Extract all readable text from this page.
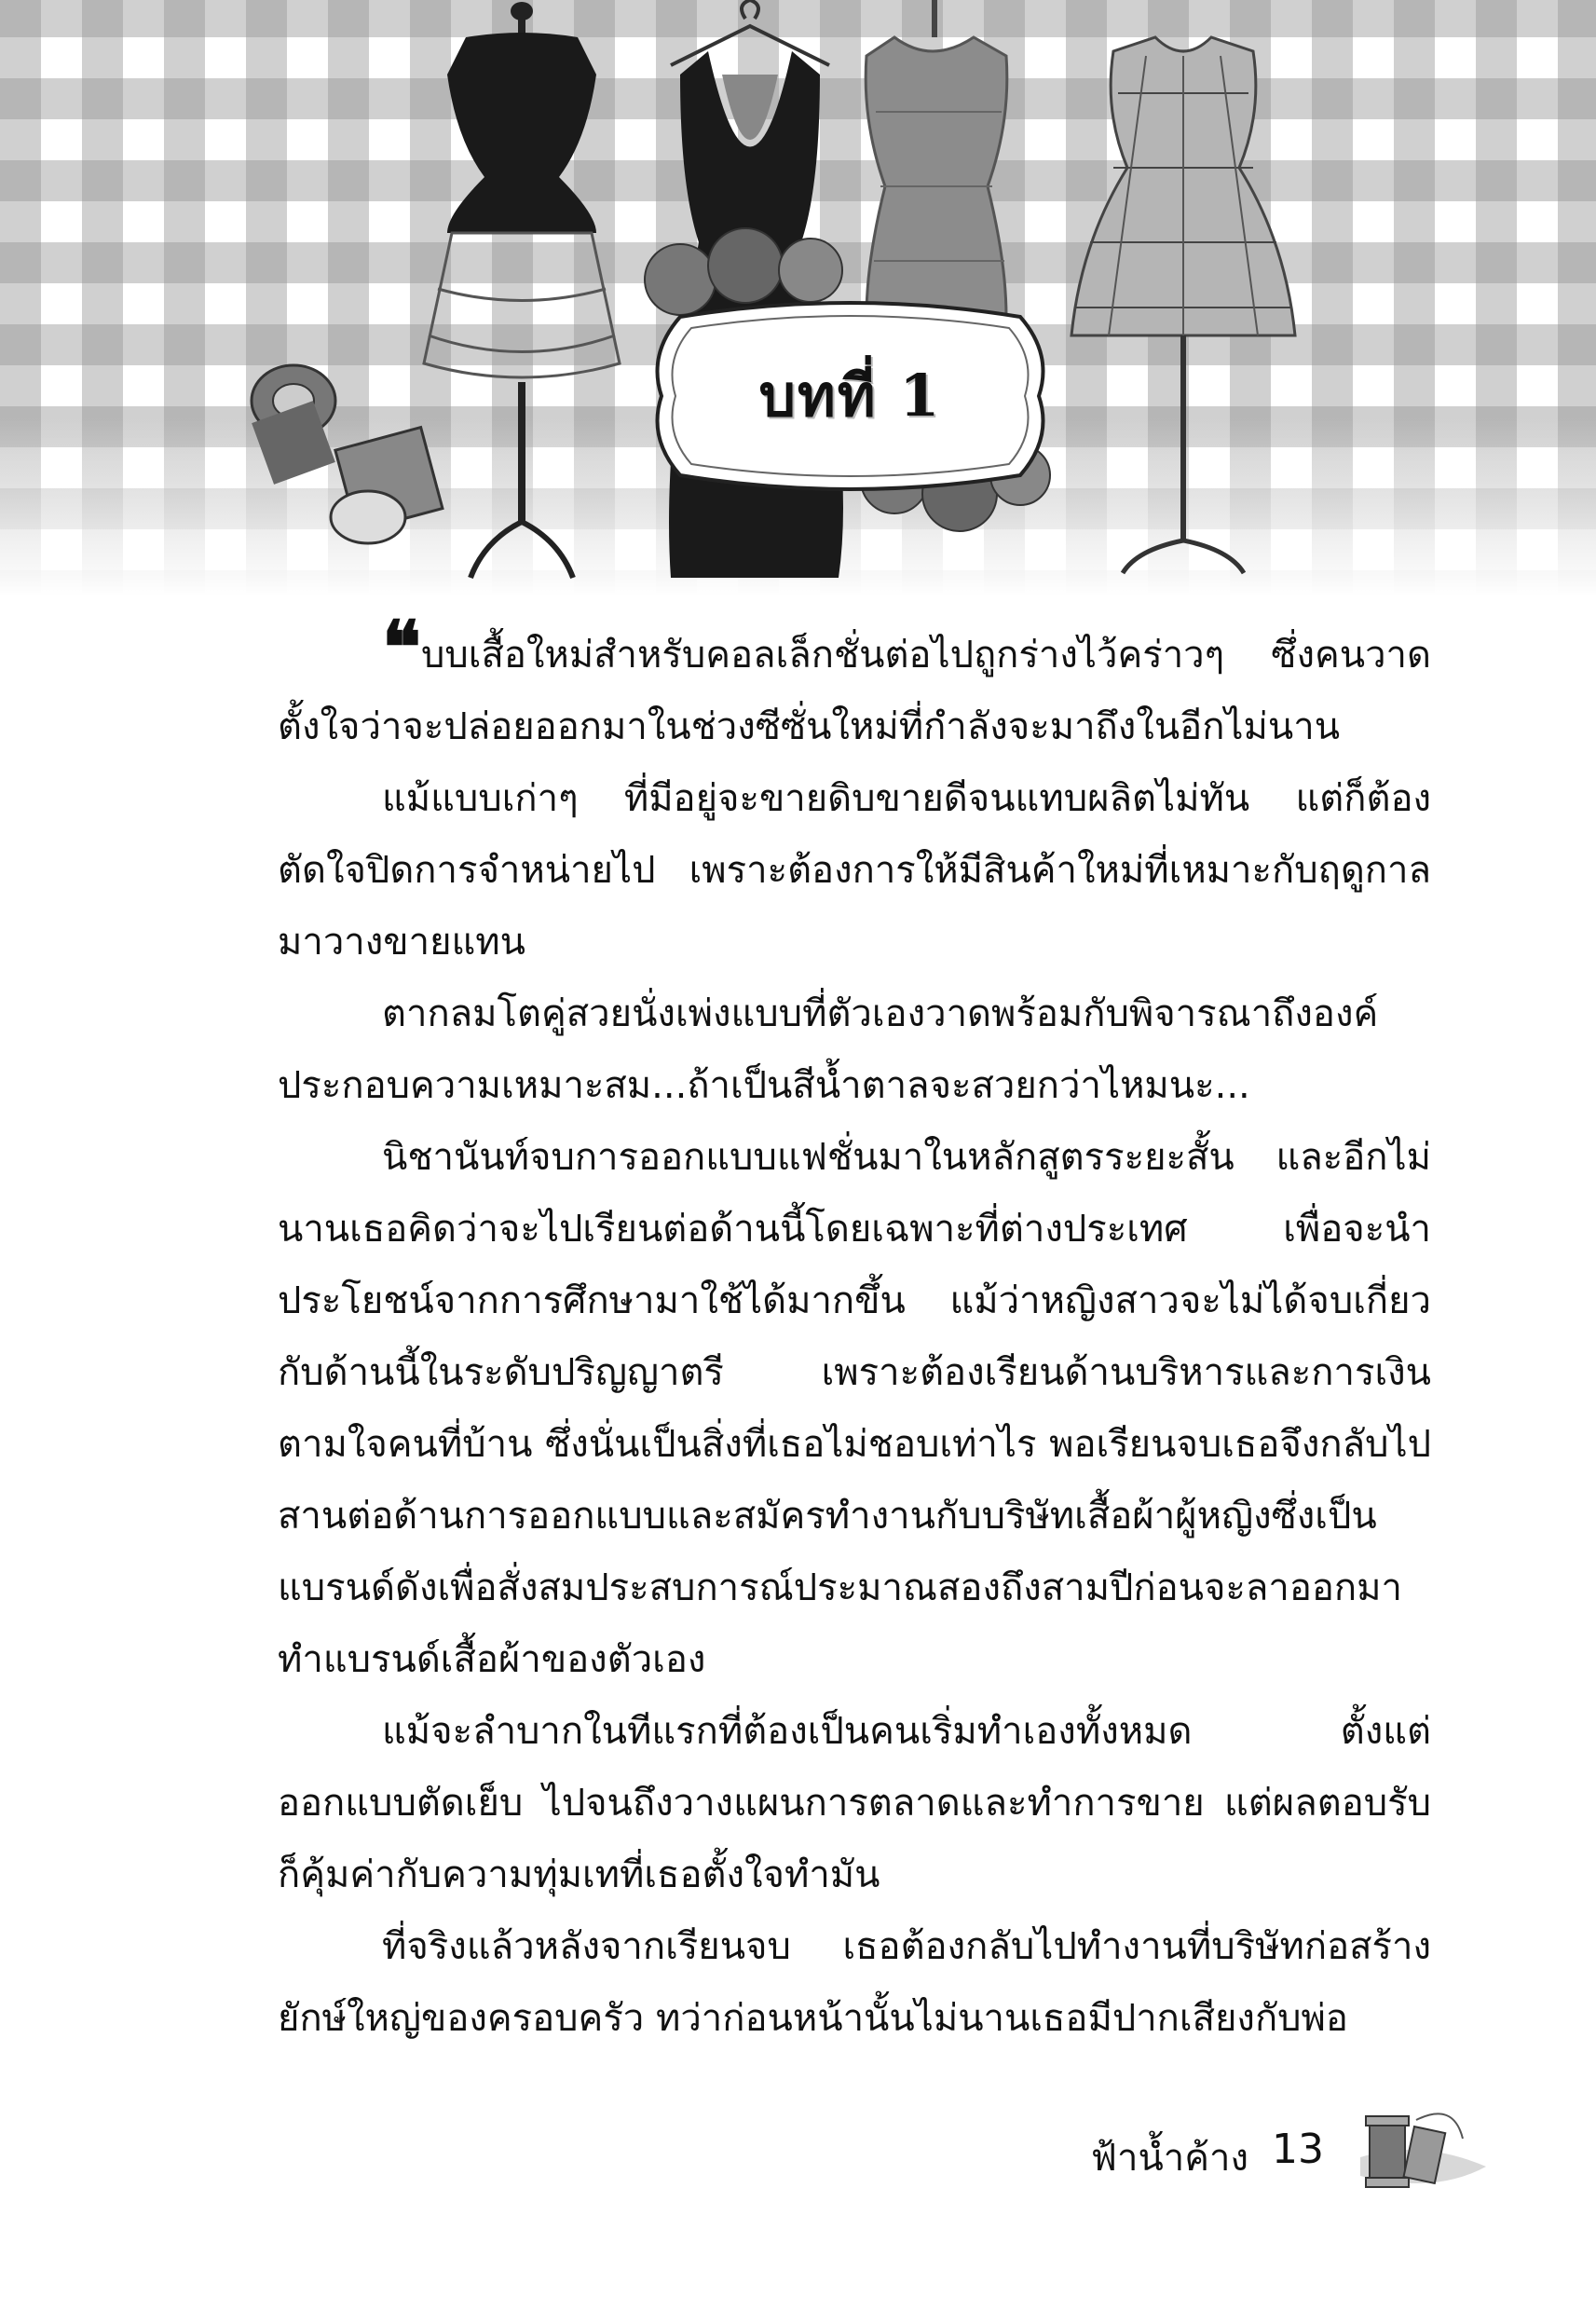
บทที่ 1

❝ บบเสื้อใหม่สำหรับคอลเล็กชั่นต่อไปถูกร่างไว้คร่าวๆ ซึ่งคนวาดตั้งใจว่าจะปล่อยออกมาในช่วงซีซั่นใหม่ที่กำลังจะมาถึงในอีกไม่นาน

แม้แบบเก่าๆ ที่มีอยู่จะขายดิบขายดีจนแทบผลิตไม่ทัน แต่ก็ต้องตัดใจปิดการจำหน่ายไป เพราะต้องการให้มีสินค้าใหม่ที่เหมาะกับฤดูกาลมาวางขายแทน

ตากลมโตคู่สวยนั่งเพ่งแบบที่ตัวเองวาดพร้อมกับพิจารณาถึงองค์ประกอบความเหมาะสม...ถ้าเป็นสีน้ำตาลจะสวยกว่าไหมนะ...

นิชานันท์จบการออกแบบแฟชั่นมาในหลักสูตรระยะสั้น และอีกไม่นานเธอคิดว่าจะไปเรียนต่อด้านนี้โดยเฉพาะที่ต่างประเทศ เพื่อจะนำประโยชน์จากการศึกษามาใช้ได้มากขึ้น แม้ว่าหญิงสาวจะไม่ได้จบเกี่ยวกับด้านนี้ในระดับปริญญาตรี เพราะต้องเรียนด้านบริหารและการเงินตามใจคนที่บ้าน ซึ่งนั่นเป็นสิ่งที่เธอไม่ชอบเท่าไร พอเรียนจบเธอจึงกลับไปสานต่อด้านการออกแบบและสมัครทำงานกับบริษัทเสื้อผ้าผู้หญิงซึ่งเป็นแบรนด์ดังเพื่อสั่งสมประสบการณ์ประมาณสองถึงสามปีก่อนจะลาออกมาทำแบรนด์เสื้อผ้าของตัวเอง

แม้จะลำบากในทีแรกที่ต้องเป็นคนเริ่มทำเองทั้งหมด ตั้งแต่ออกแบบตัดเย็บ ไปจนถึงวางแผนการตลาดและทำการขาย แต่ผลตอบรับก็คุ้มค่ากับความทุ่มเทที่เธอตั้งใจทำมัน

ที่จริงแล้วหลังจากเรียนจบ เธอต้องกลับไปทำงานที่บริษัทก่อสร้างยักษ์ใหญ่ของครอบครัว ทว่าก่อนหน้านั้นไม่นานเธอมีปากเสียงกับพ่อ

ฟ้าน้ำค้าง 13
